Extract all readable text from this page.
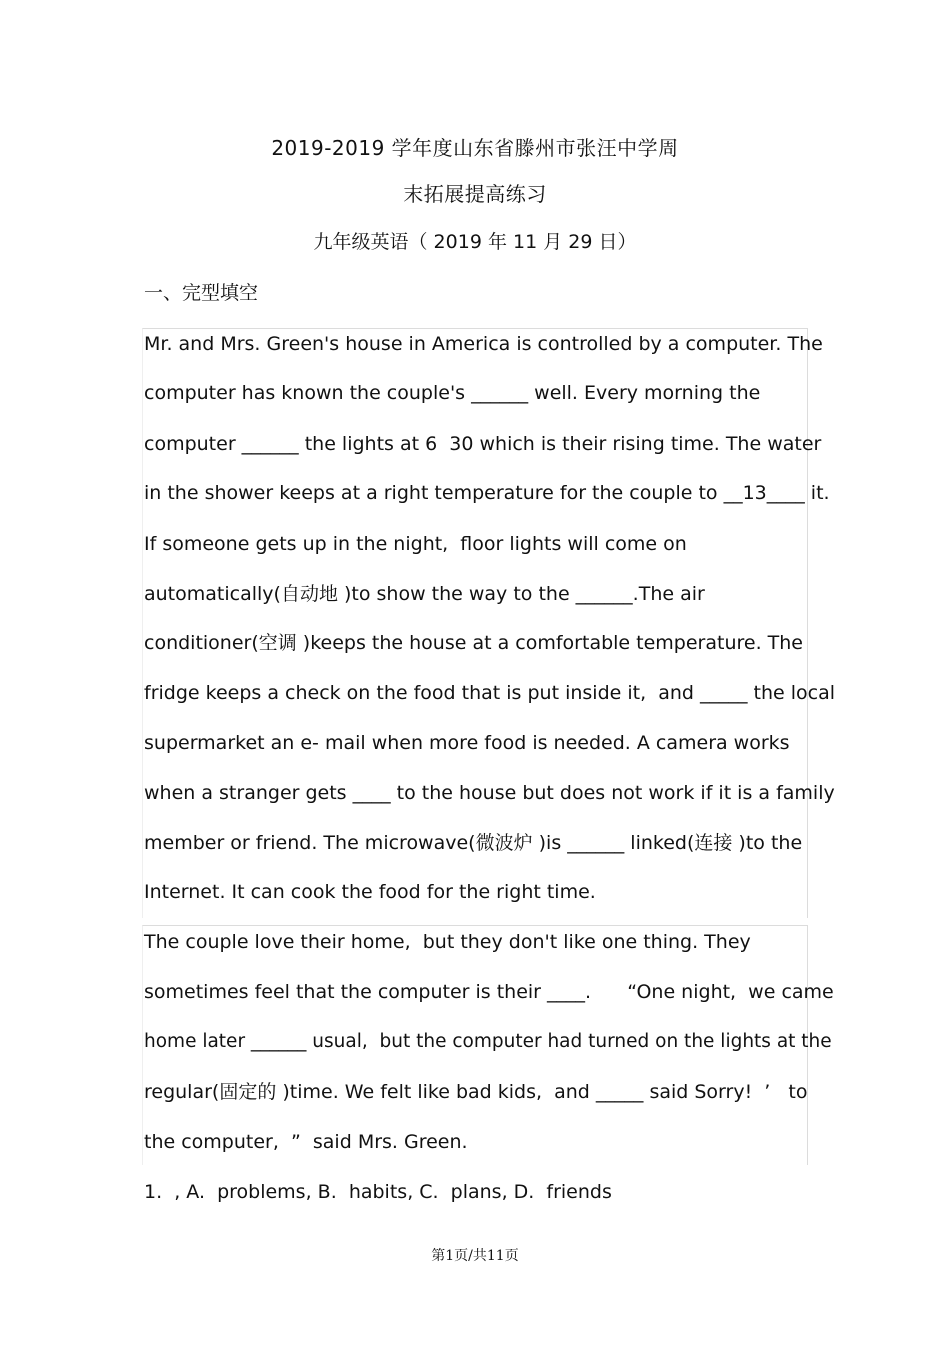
2019-2019 学年度山东省滕州市张汪中学周
末拓展提高练习
九年级英语（ 2019 年 11 月 29 日）
一、完型填空
Mr. and Mrs. Green's house in America is controlled by a computer. The
computer has known the couple's ______ well. Every morning the
computer ______ the lights at 6  30 which is their rising time. The water
in the shower keeps at a right temperature for the couple to __13____ it.
If someone gets up in the night,  floor lights will come on
automatically(自动地 )to show the way to the ______.The air
conditioner(空调 )keeps the house at a comfortable temperature. The
fridge keeps a check on the food that is put inside it,  and _____ the local
supermarket an e- mail when more food is needed. A camera works
when a stranger gets ____ to the house but does not work if it is a family
member or friend. The microwave(微波炉 )is ______ linked(连接 )to the
Internet. It can cook the food for the right time.
The couple love their home,  but they don't like one thing. They
sometimes feel that the computer is their ____.      “One night,  we came
home later ______ usual,  but the computer had turned on the lights at the
regular(固定的 )time. We felt like bad kids,  and _____ said Sorry!  ’   to
the computer,  ”  said Mrs. Green.
1.  , A.  problems, B.  habits, C.  plans, D.  friends
第1页/共11页
